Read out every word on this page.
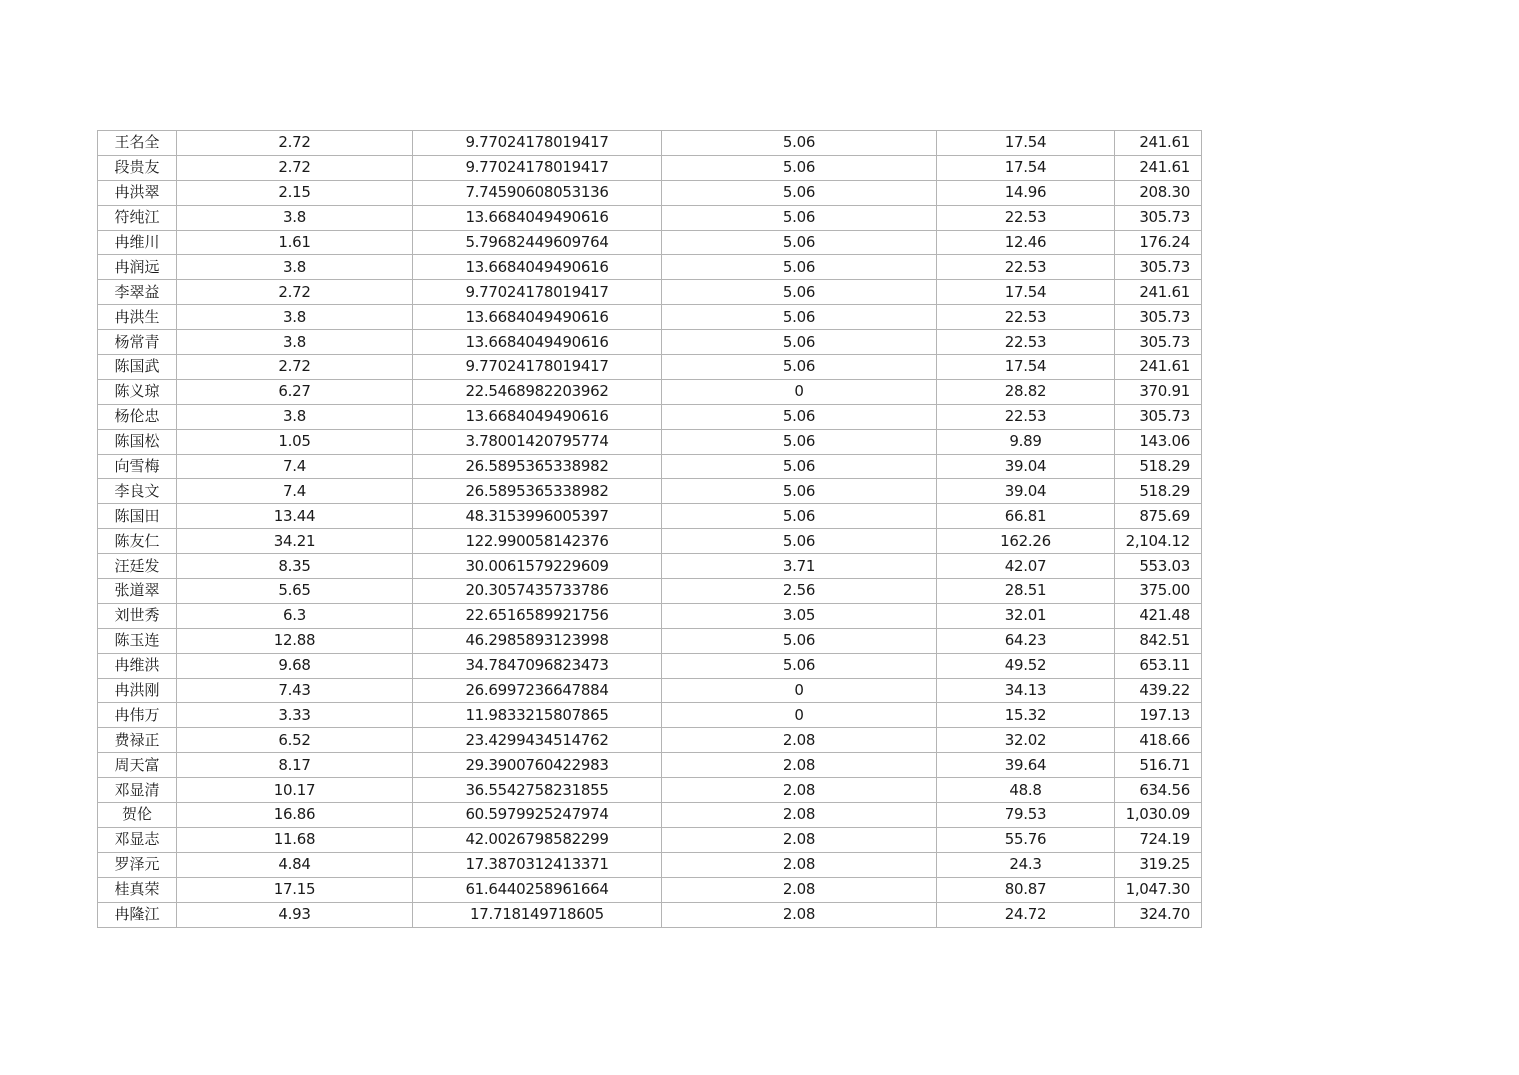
王名全	2.72	9.77024178019417	5.06	17.54	241.61
段贵友	2.72	9.77024178019417	5.06	17.54	241.61
冉洪翠	2.15	7.74590608053136	5.06	14.96	208.30
符纯江	3.8	13.6684049490616	5.06	22.53	305.73
冉维川	1.61	5.79682449609764	5.06	12.46	176.24
冉润远	3.8	13.6684049490616	5.06	22.53	305.73
李翠益	2.72	9.77024178019417	5.06	17.54	241.61
冉洪生	3.8	13.6684049490616	5.06	22.53	305.73
杨常青	3.8	13.6684049490616	5.06	22.53	305.73
陈国武	2.72	9.77024178019417	5.06	17.54	241.61
陈义琼	6.27	22.5468982203962	0	28.82	370.91
杨伦忠	3.8	13.6684049490616	5.06	22.53	305.73
陈国松	1.05	3.78001420795774	5.06	9.89	143.06
向雪梅	7.4	26.5895365338982	5.06	39.04	518.29
李良文	7.4	26.5895365338982	5.06	39.04	518.29
陈国田	13.44	48.3153996005397	5.06	66.81	875.69
陈友仁	34.21	122.990058142376	5.06	162.26	2,104.12
汪廷发	8.35	30.0061579229609	3.71	42.07	553.03
张道翠	5.65	20.3057435733786	2.56	28.51	375.00
刘世秀	6.3	22.6516589921756	3.05	32.01	421.48
陈玉连	12.88	46.2985893123998	5.06	64.23	842.51
冉维洪	9.68	34.7847096823473	5.06	49.52	653.11
冉洪刚	7.43	26.6997236647884	0	34.13	439.22
冉伟万	3.33	11.9833215807865	0	15.32	197.13
费禄正	6.52	23.4299434514762	2.08	32.02	418.66
周天富	8.17	29.3900760422983	2.08	39.64	516.71
邓显清	10.17	36.5542758231855	2.08	48.8	634.56
贺伦	16.86	60.5979925247974	2.08	79.53	1,030.09
邓显志	11.68	42.0026798582299	2.08	55.76	724.19
罗泽元	4.84	17.3870312413371	2.08	24.3	319.25
桂真荣	17.15	61.6440258961664	2.08	80.87	1,047.30
冉隆江	4.93	17.718149718605	2.08	24.72	324.70
